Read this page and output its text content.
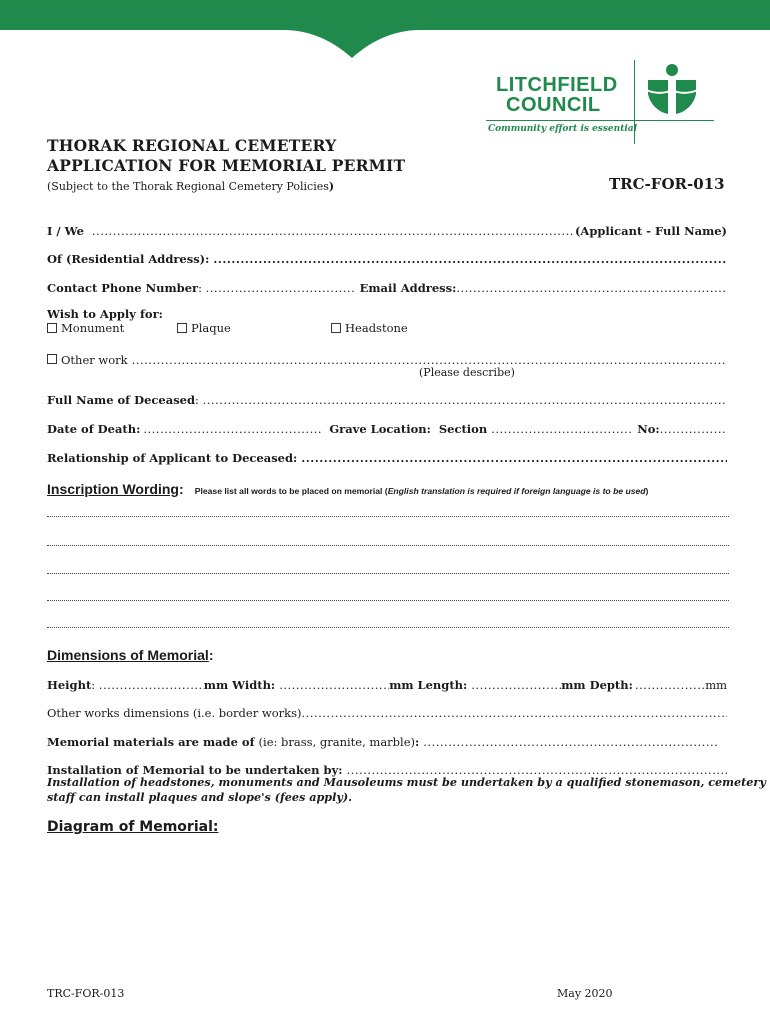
LITCHFIELD
COUNCIL
Community effort is essential
THORAK REGIONAL CEMETERY
APPLICATION FOR MEMORIAL PERMIT
(Subject to the Thorak Regional Cemetery Policies)	TRC-FOR-013
I / We .....	(Applicant - Full Name)
Of (Residential Address):
.....
Contact Phone Number : .....	Email Address:
.....
Wish to Apply for:
Monument	Plaque	Headstone
Other work
.....
(Please describe)
Full Name of Deceased :
.....
Date of Death: .....	Grave Location: Section .....	No:
.....
Relationship of Applicant to Deceased:
.....
Inscription Wording: Please list all words to be placed on memorial (English translation is required if foreign language is to be used)
Dimensions of Memorial:
Height : .....	mm Width: .....	mm Length: .....	mm Depth: .....	mm
Other works dimensions (i.e. border works)
.....
Memorial materials are made of (ie: brass, granite, marble) :
.....
Installation of Memorial to be undertaken by:
.....
Installation of headstones, monuments and Mausoleums must be undertaken by a qualified stonemason, cemetery
staff can install plaques and slope's (fees apply).
Diagram of Memorial:
TRC-FOR-013	May 2020
